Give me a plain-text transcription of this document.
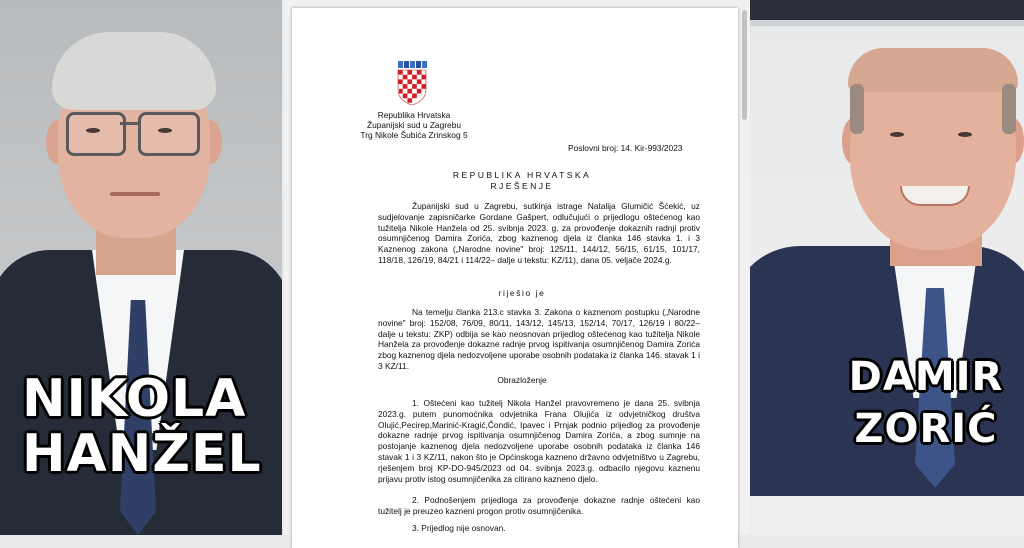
NIKOLA
HANŽEL
Republika Hrvatska
Županijski sud u Zagrebu
Trg Nikole Šubića Zrinskog 5
Poslovni broj: 14. Kir-993/2023
REPUBLIKA HRVATSKA
RJEŠENJE
Županijski sud u Zagrebu, sutkinja istrage Natalija Glumičić Šćekić, uz sudjelovanje zapisničarke Gordane Gašpert, odlučujući o prijedlogu oštećenog kao tužitelja Nikole Hanžela od 25. svibnja 2023. g. za provođenje dokaznih radnji protiv osumnjičenog Damira Zorića, zbog kaznenog djela iz članka 146 stavka 1. i 3 Kaznenog zakona („Narodne novine" broj: 125/11, 144/12, 56/15, 61/15, 101/17, 118/18, 126/19, 84/21 i 114/22– dalje u tekstu: KZ/11), dana 05. veljače 2024.g.
riješio je
Na temelju članka 213.c stavka 3. Zakona o kaznenom postupku („Narodne novine" broj: 152/08, 76/09, 80/11, 143/12, 145/13, 152/14, 70/17, 126/19 i 80/22– dalje u tekstu: ZKP) odbija se kao neosnovan prijedlog oštećenog kao tužitelja Nikole Hanžela za provođenje dokazne radnje prvog ispitivanja osumnjičenog Damira Zorića zbog kaznenog djela nedozvoljene uporabe osobnih podataka iz članka 146. stavak 1 i 3 KZ/11.
Obrazloženje
1. Oštećeni kao tužitelj Nikola Hanžel pravovremeno je dana 25. svibnja 2023.g. putem punomoćnika odvjetnika Frana Olujića iz odvjetničkog društva Olujić,Pecirep,Marinić-Kragić,Čondić, Ipavec i Prnjak podnio prijedlog za provođenje dokazne radnje prvog ispitivanja osumnjičenog Damira Zorića, a zbog sumnje na postojanje kaznenog djela nedozvoljene uporabe osobnih podataka iz članka 146 stavak 1 i 3 KZ/11, nakon što je Općinskoga kazneno državno odvjetništvo u Zagrebu, rješenjem broj KP-DO-945/2023 od 04. svibnja 2023.g. odbacilo njegovu kaznenu prijavu protiv istog osumnjičenika za citirano kazneno djelo.
2. Podnošenjem prijedloga za provođenje dokazne radnje oštećeni kao tužitelj je preuzeo kazneni progon protiv osumnjičenika.
3. Prijedlog nije osnovan.
DAMIR
ZORIĆ
